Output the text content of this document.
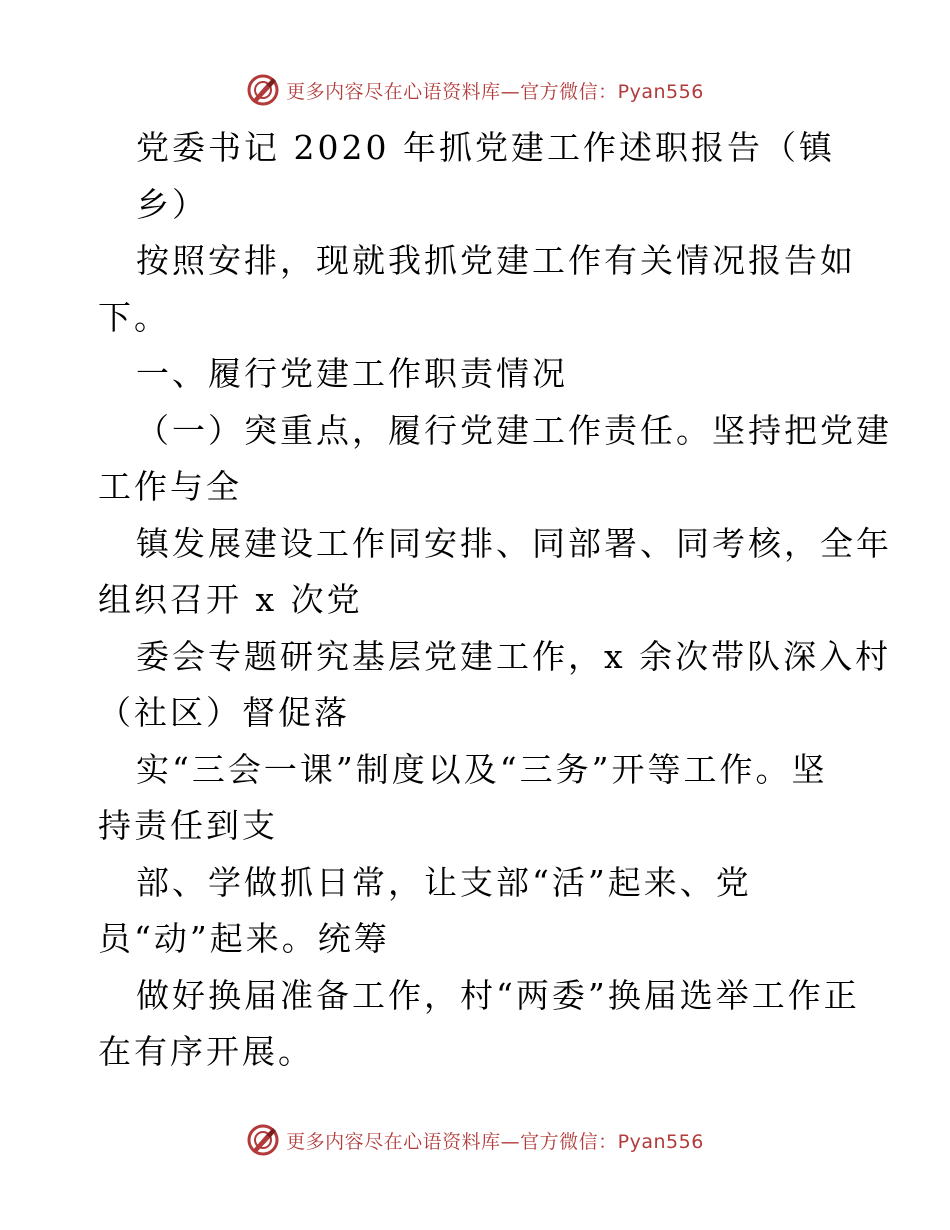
更多内容尽在心语资料库—官方微信：Pyan556
党委书记 2020 年抓党建工作述职报告（镇
乡）
按照安排，现就我抓党建工作有关情况报告如
下。
一、履行党建工作职责情况
（一）突重点，履行党建工作责任。坚持把党建
工作与全
镇发展建设工作同安排、同部署、同考核，全年
组织召开 x 次党
委会专题研究基层党建工作，x 余次带队深入村
（社区）督促落
实“三会一课”制度以及“三务”开等工作。坚
持责任到支
部、学做抓日常，让支部“活”起来、党
员“动”起来。统筹
做好换届准备工作，村“两委”换届选举工作正
在有序开展。
更多内容尽在心语资料库—官方微信：Pyan556
